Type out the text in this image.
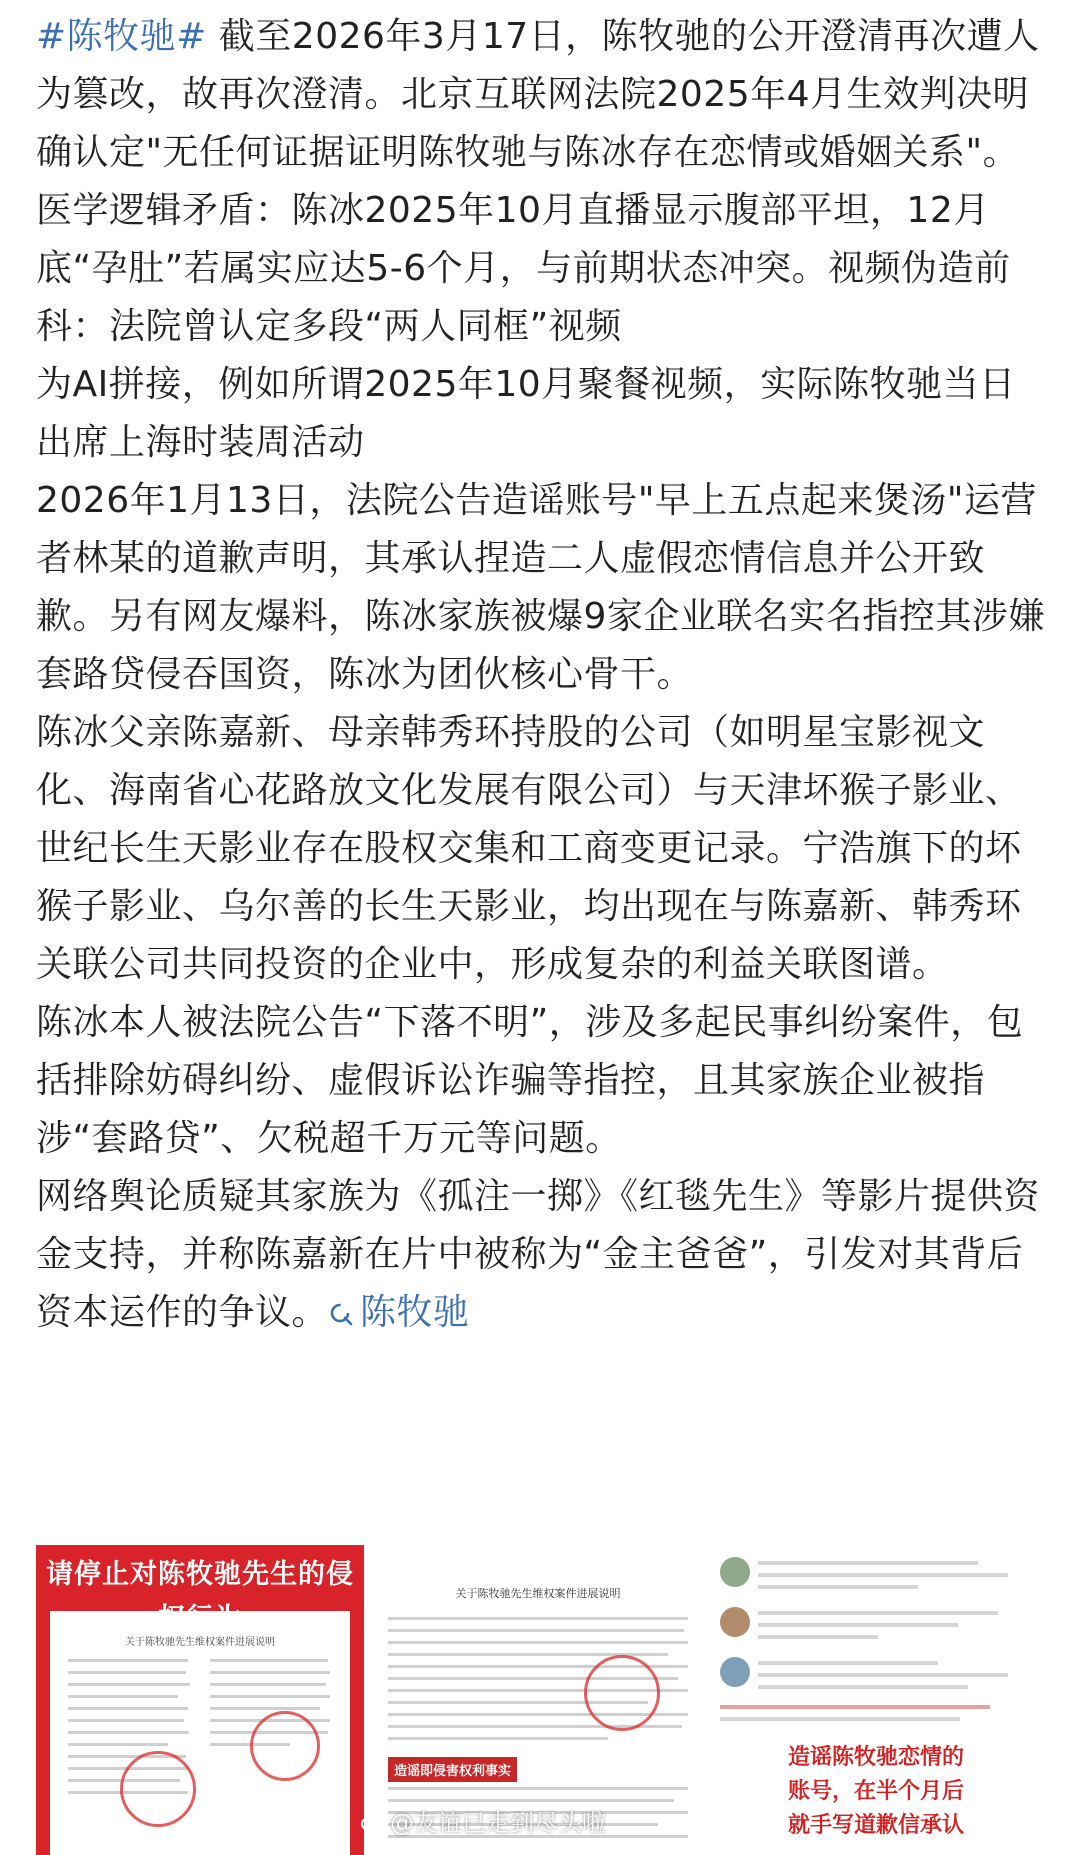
#陈牧驰# 截至2026年3月17日，陈牧驰的公开澄清再次遭人为篡改，故再次澄清。北京互联网法院2025年4月生效判决明确认定"无任何证据证明陈牧驰与陈冰存在恋情或婚姻关系"。医学逻辑矛盾：陈冰2025年10月直播显示腹部平坦，12月底“孕肚”若属实应达5-6个月，与前期状态冲突。视频伪造前科：法院曾认定多段“两人同框”视频

为AI拼接，例如所谓2025年10月聚餐视频，实际陈牧驰当日出席上海时装周活动

2026年1月13日，法院公告造谣账号"早上五点起来煲汤"运营者林某的道歉声明，其承认捏造二人虚假恋情信息并公开致歉。另有网友爆料，陈冰家族被爆9家企业联名实名指控其涉嫌套路贷侵吞国资，陈冰为团伙核心骨干。

陈冰父亲陈嘉新、母亲韩秀环持股的公司（如明星宝影视文化、海南省心花路放文化发展有限公司）与天津坏猴子影业、世纪长生天影业存在股权交集和工商变更记录。宁浩旗下的坏猴子影业、乌尔善的长生天影业，均出现在与陈嘉新、韩秀环关联公司共同投资的企业中，形成复杂的利益关联图谱。

陈冰本人被法院公告“下落不明”，涉及多起民事纠纷案件，包括排除妨碍纠纷、虚假诉讼诈骗等指控，且其家族企业被指涉“套路贷”、欠税超千万元等问题。

网络舆论质疑其家族为《孤注一掷》《红毯先生》等影片提供资金支持，并称陈嘉新在片中被称为“金主爸爸”，引发对其背后资本运作的争议。 陈牧驰

请停止对陈牧驰先生的侵
关于陈牧驰先生维权案件进展说明
关于陈牧驰先生维权案件进展说明
造谣即侵害权利事实
造谣陈牧驰恋情的
账号，在半个月后
就手写道歉信承认
@友谊已走到尽头啦
